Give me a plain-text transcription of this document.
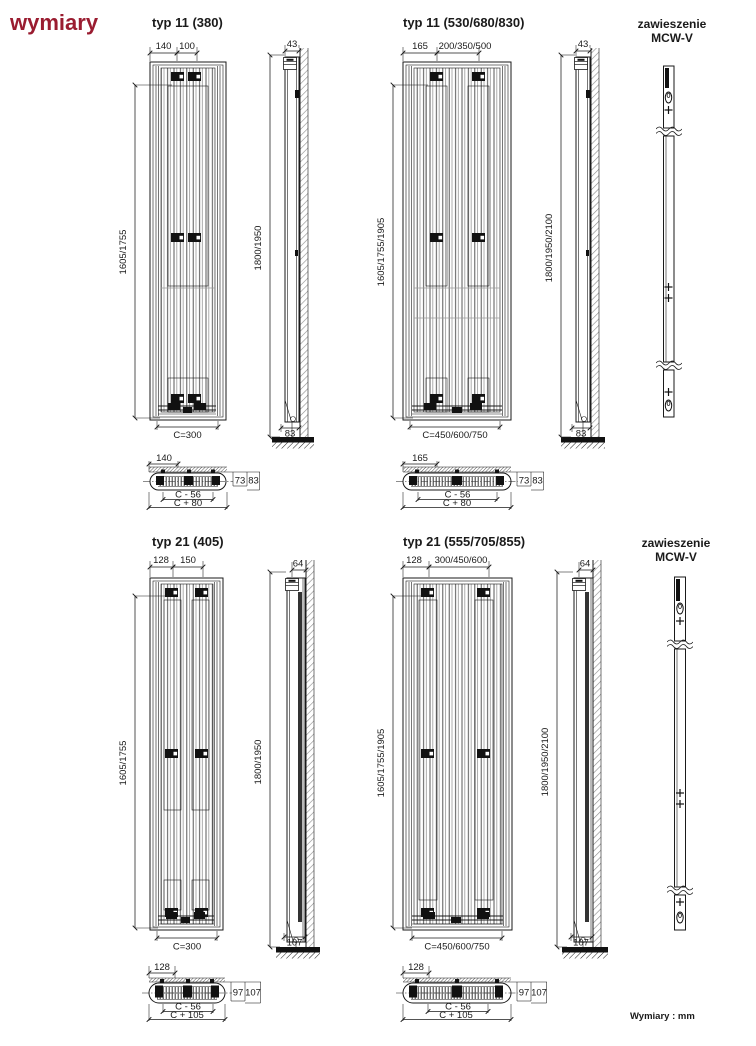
wymiary	typ 11 (380)
140 100
1605/1755
C=300
43
1800/1950
83
140
73 83
C - 56
C + 80
typ 11 (530/680/830)
165 200/350/500
1605/1755/1905
C=450/600/750
43
1800/1950/2100
83
165
73 83
C - 56
C + 80
zawieszenie
MCW-V
typ 21 (405)
128 150
1605/1755
C=300
64
1800/1950
107
128
97 107
C - 56
C + 105
typ 21 (555/705/855)
128 300/450/600
1605/1755/1905
C=450/600/750
64
1800/1950/2100
107
128
97 107
C - 56
C + 105
zawieszenie
MCW-V
Wymiary : mm
